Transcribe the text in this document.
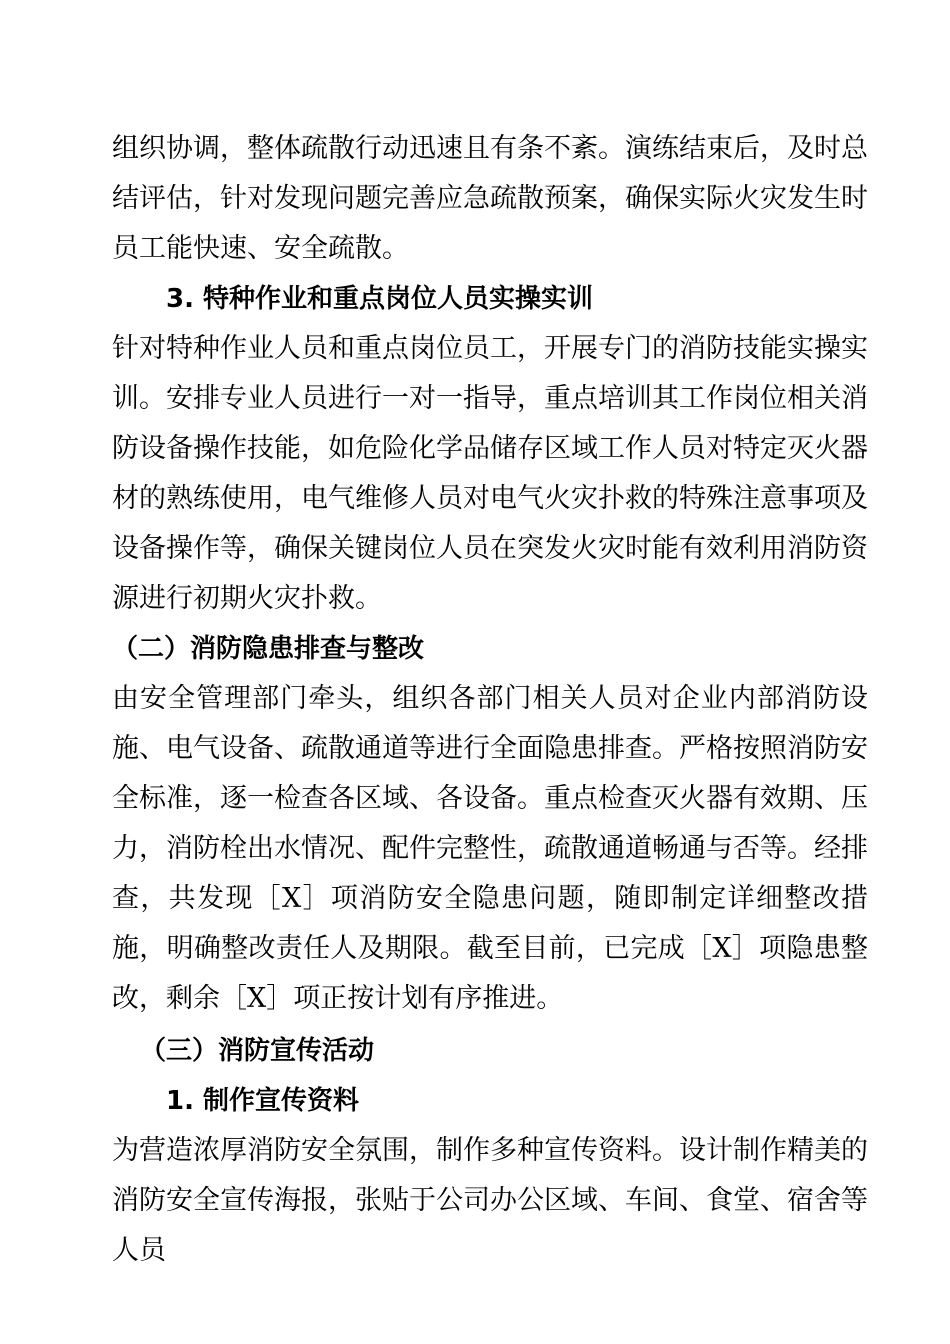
组织协调，整体疏散行动迅速且有条不紊。演练结束后，及时总结评估，针对发现问题完善应急疏散预案，确保实际火灾发生时员工能快速、安全疏散。

3. 特种作业和重点岗位人员实操实训

针对特种作业人员和重点岗位员工，开展专门的消防技能实操实训。安排专业人员进行一对一指导，重点培训其工作岗位相关消防设备操作技能，如危险化学品储存区域工作人员对特定灭火器材的熟练使用，电气维修人员对电气火灾扑救的特殊注意事项及设备操作等，确保关键岗位人员在突发火灾时能有效利用消防资源进行初期火灾扑救。

（二）消防隐患排查与整改

由安全管理部门牵头，组织各部门相关人员对企业内部消防设施、电气设备、疏散通道等进行全面隐患排查。严格按照消防安全标准，逐一检查各区域、各设备。重点检查灭火器有效期、压力，消防栓出水情况、配件完整性，疏散通道畅通与否等。经排查，共发现［X］项消防安全隐患问题，随即制定详细整改措施，明确整改责任人及期限。截至目前，已完成［X］项隐患整改，剩余［X］项正按计划有序推进。

（三）消防宣传活动

1. 制作宣传资料

为营造浓厚消防安全氛围，制作多种宣传资料。设计制作精美的消防安全宣传海报，张贴于公司办公区域、车间、食堂、宿舍等人员
